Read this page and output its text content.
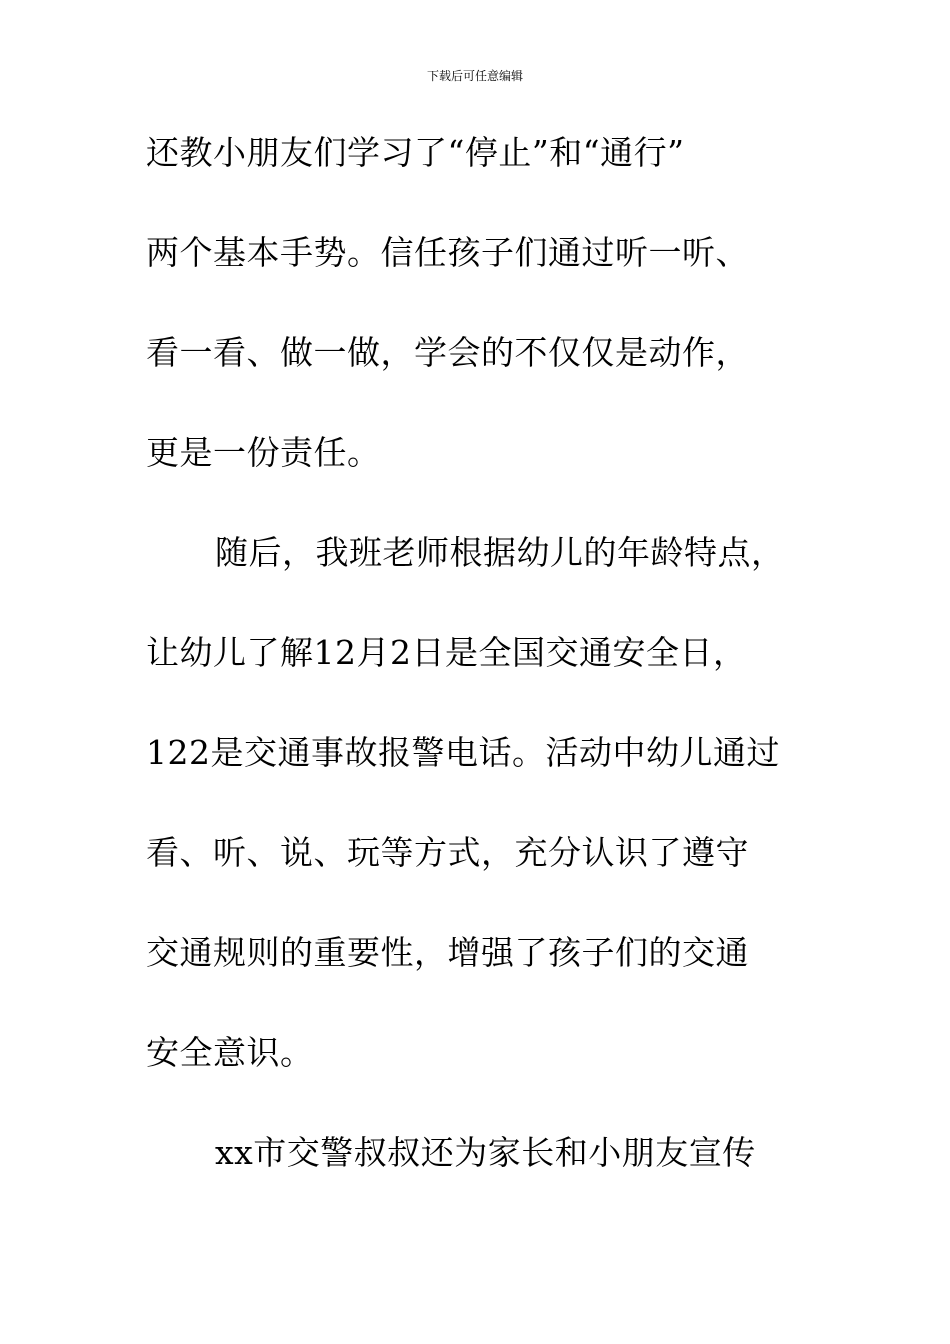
下载后可任意编辑
还教小朋友们学习了“停止”和“通行”
两个基本手势。信任孩子们通过听一听、
看一看、做一做，学会的不仅仅是动作，
更是一份责任。
随后，我班老师根据幼儿的年龄特点，
让幼儿了解12月2日是全国交通安全日，
122是交通事故报警电话。活动中幼儿通过
看、听、说、玩等方式，充分认识了遵守
交通规则的重要性，增强了孩子们的交通
安全意识。
xx市交警叔叔还为家长和小朋友宣传
